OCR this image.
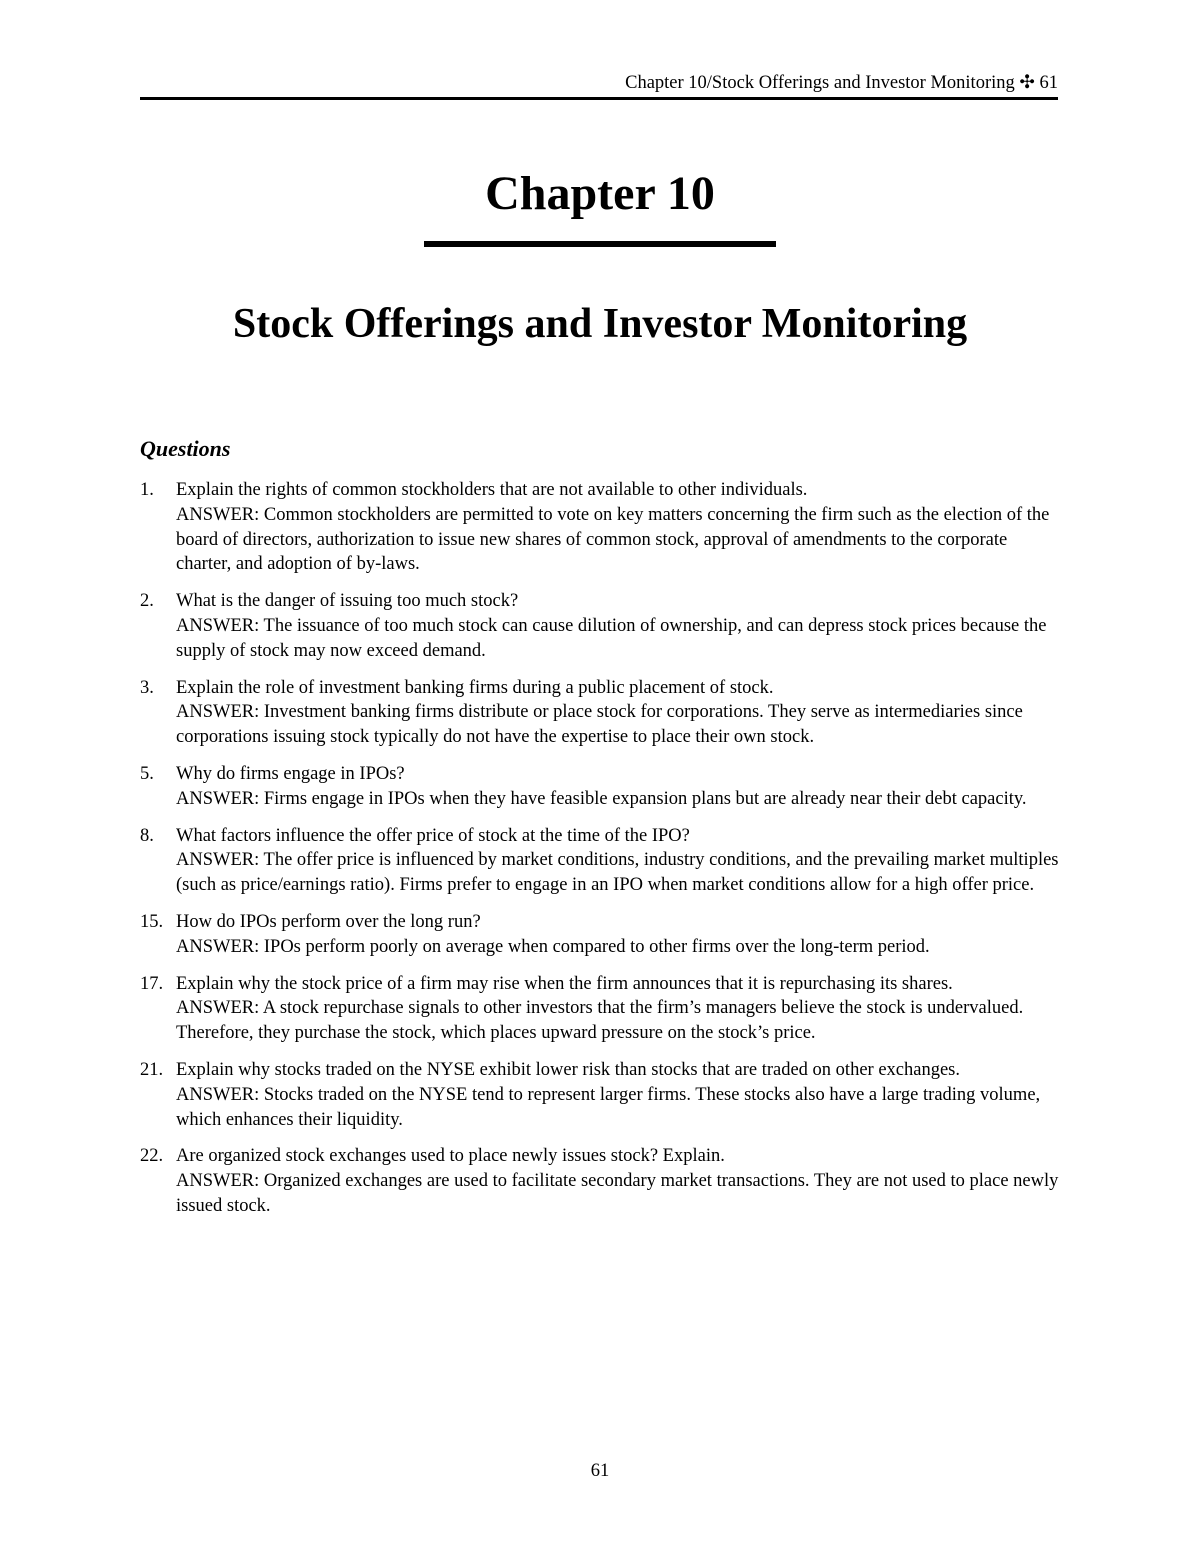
Chapter 10/Stock Offerings and Investor Monitoring ✣ 61
Chapter 10
Stock Offerings and Investor Monitoring
Questions
1.	Explain the rights of common stockholders that are not available to other individuals.
ANSWER: Common stockholders are permitted to vote on key matters concerning the firm such as the election of the board of directors, authorization to issue new shares of common stock, approval of amendments to the corporate charter, and adoption of by-laws.
2.	What is the danger of issuing too much stock?
ANSWER: The issuance of too much stock can cause dilution of ownership, and can depress stock prices because the supply of stock may now exceed demand.
3.	Explain the role of investment banking firms during a public placement of stock.
ANSWER: Investment banking firms distribute or place stock for corporations. They serve as intermediaries since corporations issuing stock typically do not have the expertise to place their own stock.
5.	Why do firms engage in IPOs?
ANSWER: Firms engage in IPOs when they have feasible expansion plans but are already near their debt capacity.
8.	What factors influence the offer price of stock at the time of the IPO?
ANSWER: The offer price is influenced by market conditions, industry conditions, and the prevailing market multiples (such as price/earnings ratio). Firms prefer to engage in an IPO when market conditions allow for a high offer price.
15. How do IPOs perform over the long run?
ANSWER: IPOs perform poorly on average when compared to other firms over the long-term period.
17. Explain why the stock price of a firm may rise when the firm announces that it is repurchasing its shares.
ANSWER: A stock repurchase signals to other investors that the firm’s managers believe the stock is undervalued. Therefore, they purchase the stock, which places upward pressure on the stock’s price.
21. Explain why stocks traded on the NYSE exhibit lower risk than stocks that are traded on other exchanges.
ANSWER: Stocks traded on the NYSE tend to represent larger firms. These stocks also have a large trading volume, which enhances their liquidity.
22. Are organized stock exchanges used to place newly issues stock? Explain.
ANSWER: Organized exchanges are used to facilitate secondary market transactions. They are not used to place newly issued stock.
61
